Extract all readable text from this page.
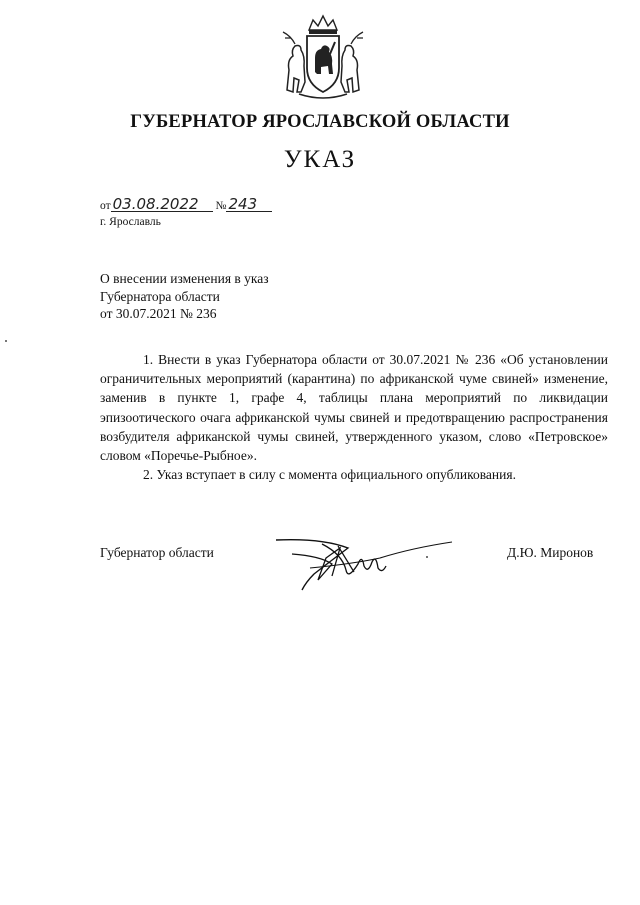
ГУБЕРНАТОР ЯРОСЛАВСКОЙ ОБЛАСТИ
УКАЗ
от 03.08.2022 № 243
г. Ярославль
О внесении изменения в указ
Губернатора области
от 30.07.2021 № 236

1. Внести в указ Губернатора области от 30.07.2021 № 236 «Об установлении ограничительных мероприятий (карантина) по африканской чуме свиней» изменение, заменив в пункте 1, графе 4, таблицы плана мероприятий по ликвидации эпизоотического очага африканской чумы свиней и предотвращению распространения возбудителя африканской чумы свиней, утвержденного указом, слово «Петровское» словом «Поречье-Рыбное».

2. Указ вступает в силу с момента официального опубликования.

Губернатор области	Д.Ю. Миронов
